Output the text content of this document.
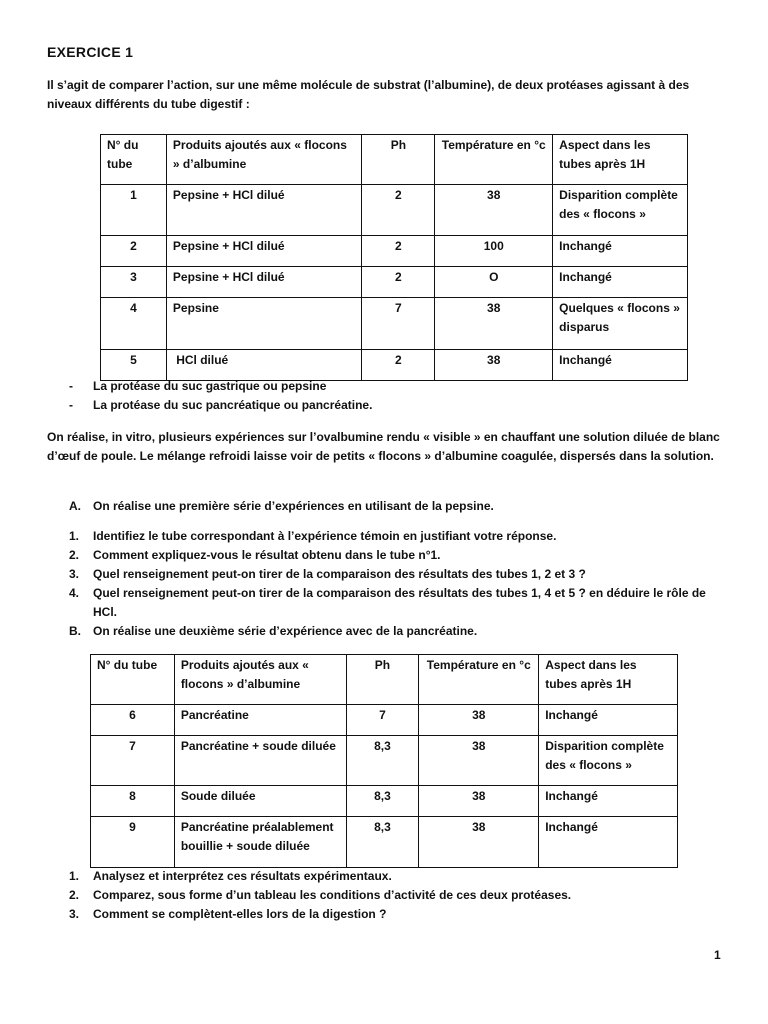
EXERCICE 1
Il s’agit de comparer l’action, sur une même molécule de substrat (l’albumine), de deux protéases agissant à des niveaux différents du tube digestif :
N° du tube	Produits ajoutés aux « flocons » d’albumine	Ph	Température en °c	Aspect dans les tubes après 1H
1	Pepsine + HCl dilué	2	38	Disparition complète des « flocons »
2	Pepsine + HCl dilué	2	100	Inchangé
3	Pepsine + HCl dilué	2	O	Inchangé
4	Pepsine	7	38	Quelques « flocons » disparus
5	HCl dilué	2	38	Inchangé
- La protéase du suc gastrique ou pepsine
- La protéase du suc pancréatique ou pancréatine.
On réalise, in vitro, plusieurs expériences sur l’ovalbumine rendu « visible » en chauffant une solution diluée de blanc d’œuf de poule. Le mélange refroidi laisse voir de petits « flocons » d’albumine coagulée, dispersés dans la solution.
A. On réalise une première série d’expériences en utilisant de la pepsine.
1. Identifiez le tube correspondant à l’expérience témoin en justifiant votre réponse.
2. Comment expliquez-vous le résultat obtenu dans le tube n°1.
3. Quel renseignement peut-on tirer de la comparaison des résultats des tubes 1, 2 et 3 ?
4. Quel renseignement peut-on tirer de la comparaison des résultats des tubes 1, 4 et 5 ? en déduire le rôle de HCl.
B. On réalise une deuxième série d’expérience avec de la pancréatine.
N° du tube	Produits ajoutés aux « flocons » d’albumine	Ph	Température en °c	Aspect dans les tubes après 1H
6	Pancréatine	7	38	Inchangé
7	Pancréatine + soude diluée	8,3	38	Disparition complète des « flocons »
8	Soude diluée	8,3	38	Inchangé
9	Pancréatine préalablement bouillie + soude diluée	8,3	38	Inchangé
1. Analysez et interprétez ces résultats expérimentaux.
2. Comparez, sous forme d’un tableau les conditions d’activité de ces deux protéases.
3. Comment se complètent-elles lors de la digestion ?
1
